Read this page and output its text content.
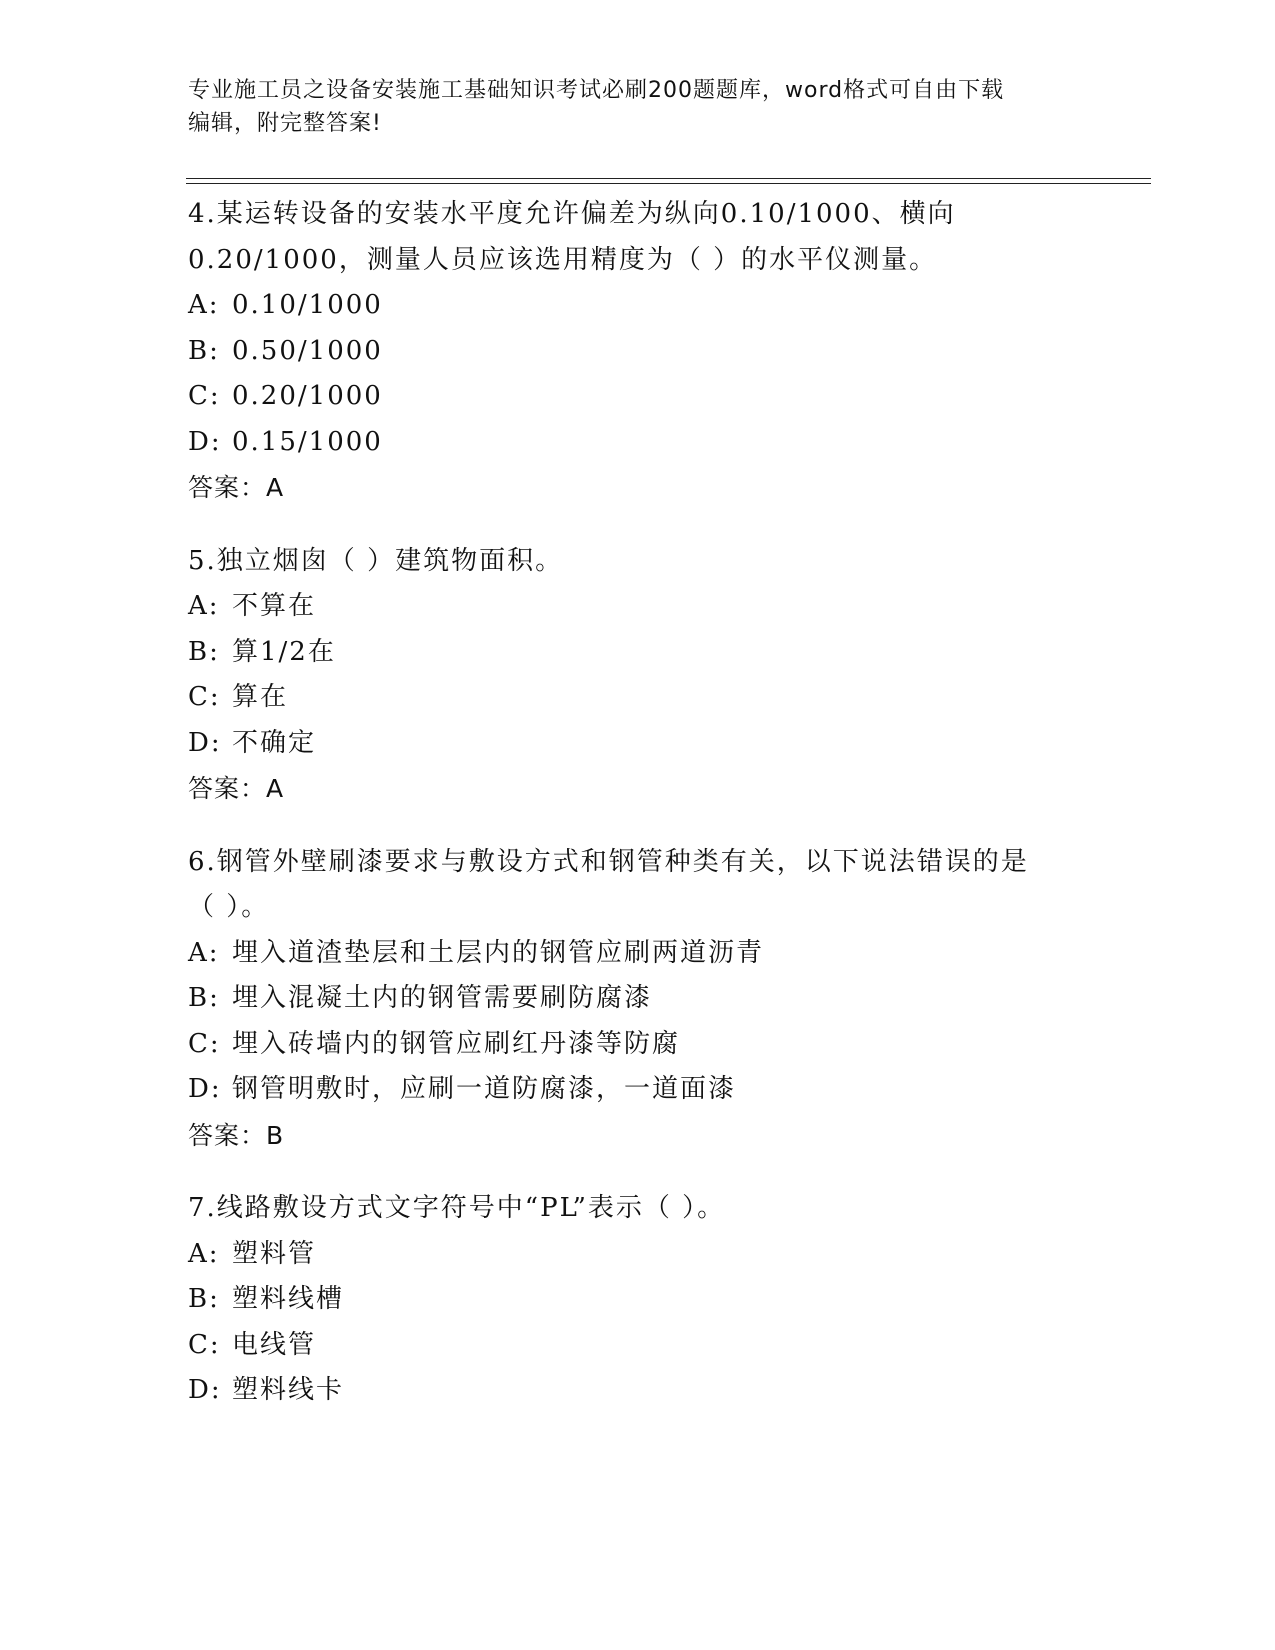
专业施工员之设备安装施工基础知识考试必刷200题题库，word格式可自由下载
编辑，附完整答案!
4.某运转设备的安装水平度允许偏差为纵向0.10/1000、横向
0.20/1000，测量人员应该选用精度为（ ）的水平仪测量。
A: 0.10/1000
B: 0.50/1000
C: 0.20/1000
D: 0.15/1000
答案：A
5.独立烟囱（ ）建筑物面积。
A: 不算在
B: 算1/2在
C: 算在
D: 不确定
答案：A
6.钢管外壁刷漆要求与敷设方式和钢管种类有关，以下说法错误的是
（ ）。
A: 埋入道渣垫层和土层内的钢管应刷两道沥青
B: 埋入混凝土内的钢管需要刷防腐漆
C: 埋入砖墙内的钢管应刷红丹漆等防腐
D: 钢管明敷时，应刷一道防腐漆，一道面漆
答案：B
7.线路敷设方式文字符号中“PL”表示（ ）。
A: 塑料管
B: 塑料线槽
C: 电线管
D: 塑料线卡
